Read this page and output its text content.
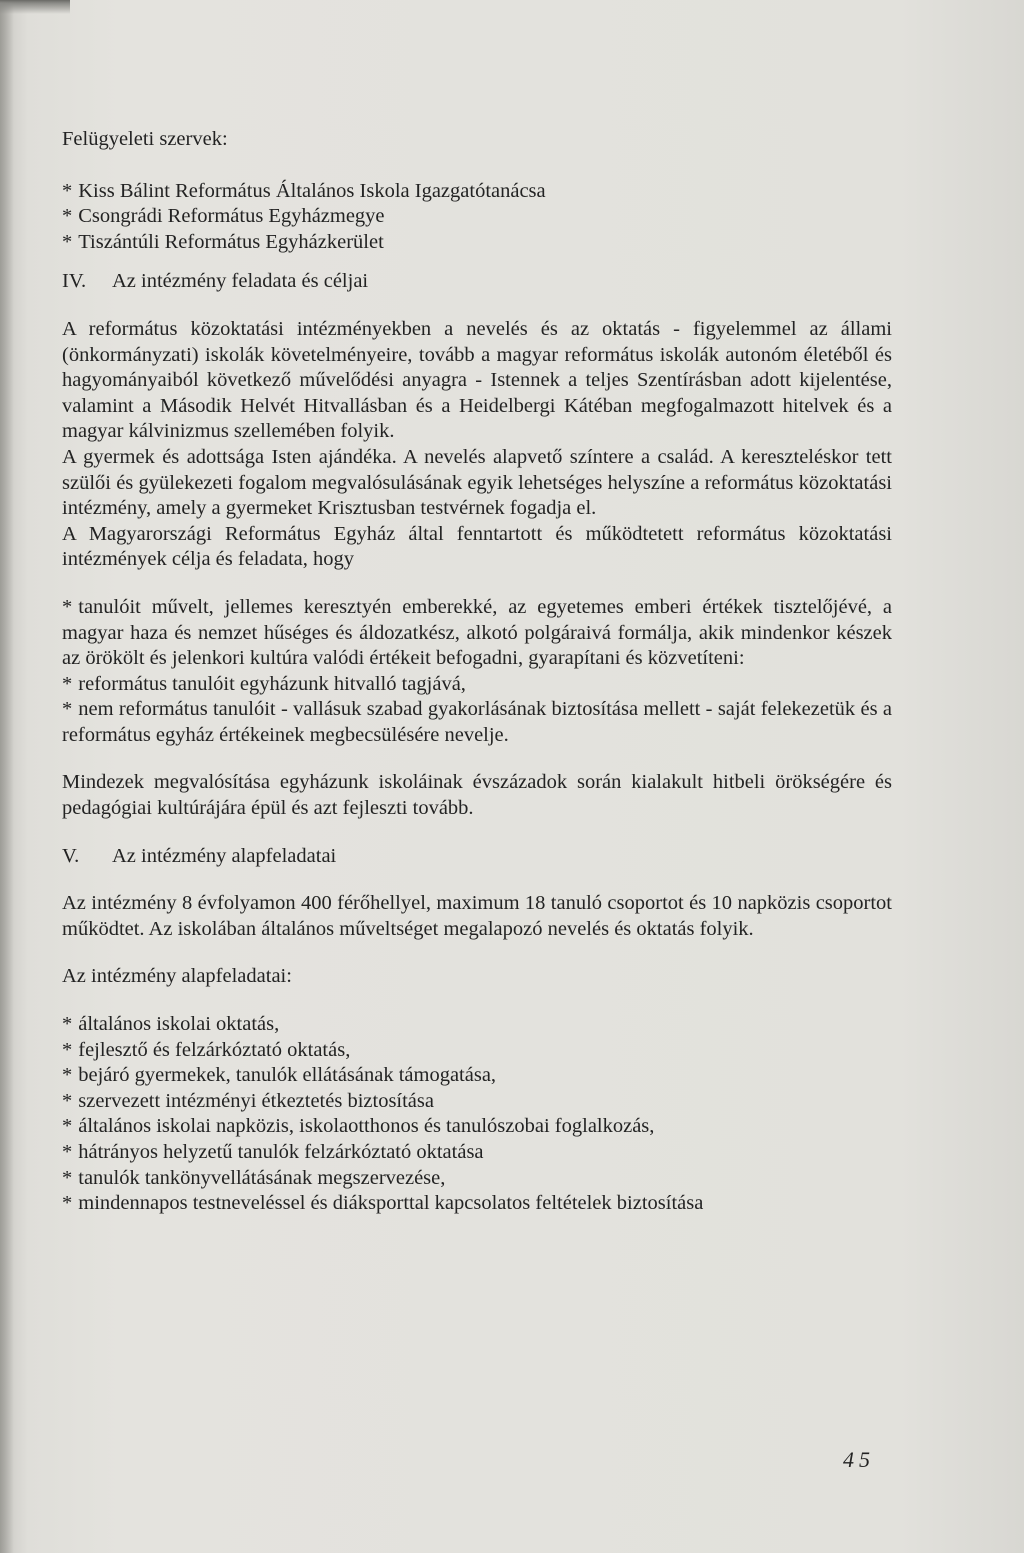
Felügyeleti szervek:

* Kiss Bálint Református Általános Iskola Igazgatótanácsa

* Csongrádi Református Egyházmegye

* Tiszántúli Református Egyházkerület

IV. Az intézmény feladata és céljai

A református közoktatási intézményekben a nevelés és az oktatás - figyelemmel az állami (önkormányzati) iskolák követelményeire, tovább a magyar református iskolák autonóm életéből és hagyományaiból következő művelődési anyagra - Istennek a teljes Szentírásban adott kijelentése, valamint a Második Helvét Hitvallásban és a Heidelbergi Kátéban megfogalmazott hitelvek és a magyar kálvinizmus szellemében folyik.

A gyermek és adottsága Isten ajándéka. A nevelés alapvető színtere a család. A kereszteléskor tett szülői és gyülekezeti fogalom megvalósulásának egyik lehetséges helyszíne a református közoktatási intézmény, amely a gyermeket Krisztusban testvérnek fogadja el.

A Magyarországi Református Egyház által fenntartott és működtetett református közoktatási intézmények célja és feladata, hogy

* tanulóit művelt, jellemes keresztyén emberekké, az egyetemes emberi értékek tisztelőjévé, a magyar haza és nemzet hűséges és áldozatkész, alkotó polgáraivá formálja, akik mindenkor készek az örökölt és jelenkori kultúra valódi értékeit befogadni, gyarapítani és közvetíteni:

* református tanulóit egyházunk hitvalló tagjává,

* nem református tanulóit - vallásuk szabad gyakorlásának biztosítása mellett - saját felekezetük és a református egyház értékeinek megbecsülésére nevelje.

Mindezek megvalósítása egyházunk iskoláinak évszázadok során kialakult hitbeli örökségére és pedagógiai kultúrájára épül és azt fejleszti tovább.

V. Az intézmény alapfeladatai

Az intézmény 8 évfolyamon 400 férőhellyel, maximum 18 tanuló csoportot és 10 napközis csoportot működtet. Az iskolában általános műveltséget megalapozó nevelés és oktatás folyik.

Az intézmény alapfeladatai:

* általános iskolai oktatás,

* fejlesztő és felzárkóztató oktatás,

* bejáró gyermekek, tanulók ellátásának támogatása,

* szervezett intézményi étkeztetés biztosítása

* általános iskolai napközis, iskolaotthonos és tanulószobai foglalkozás,

* hátrányos helyzetű tanulók felzárkóztató oktatása

* tanulók tankönyvellátásának megszervezése,

* mindennapos testneveléssel és diáksporttal kapcsolatos feltételek biztosítása

45
